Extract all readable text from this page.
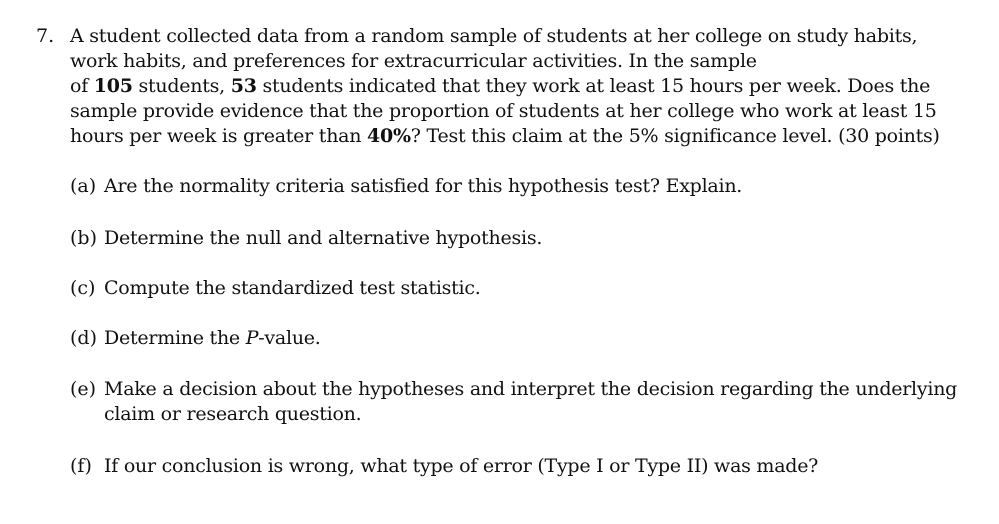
7. A student collected data from a random sample of students at her college on study habits,
work habits, and preferences for extracurricular activities. In the sample
of 105 students, 53 students indicated that they work at least 15 hours per week. Does the
sample provide evidence that the proportion of students at her college who work at least 15
hours per week is greater than 40%? Test this claim at the 5% significance level. (30 points)
(a) Are the normality criteria satisfied for this hypothesis test? Explain.
(b) Determine the null and alternative hypothesis.
(c) Compute the standardized test statistic.
(d) Determine the P-value.
(e) Make a decision about the hypotheses and interpret the decision regarding the underlying
claim or research question.
(f) If our conclusion is wrong, what type of error (Type I or Type II) was made?
